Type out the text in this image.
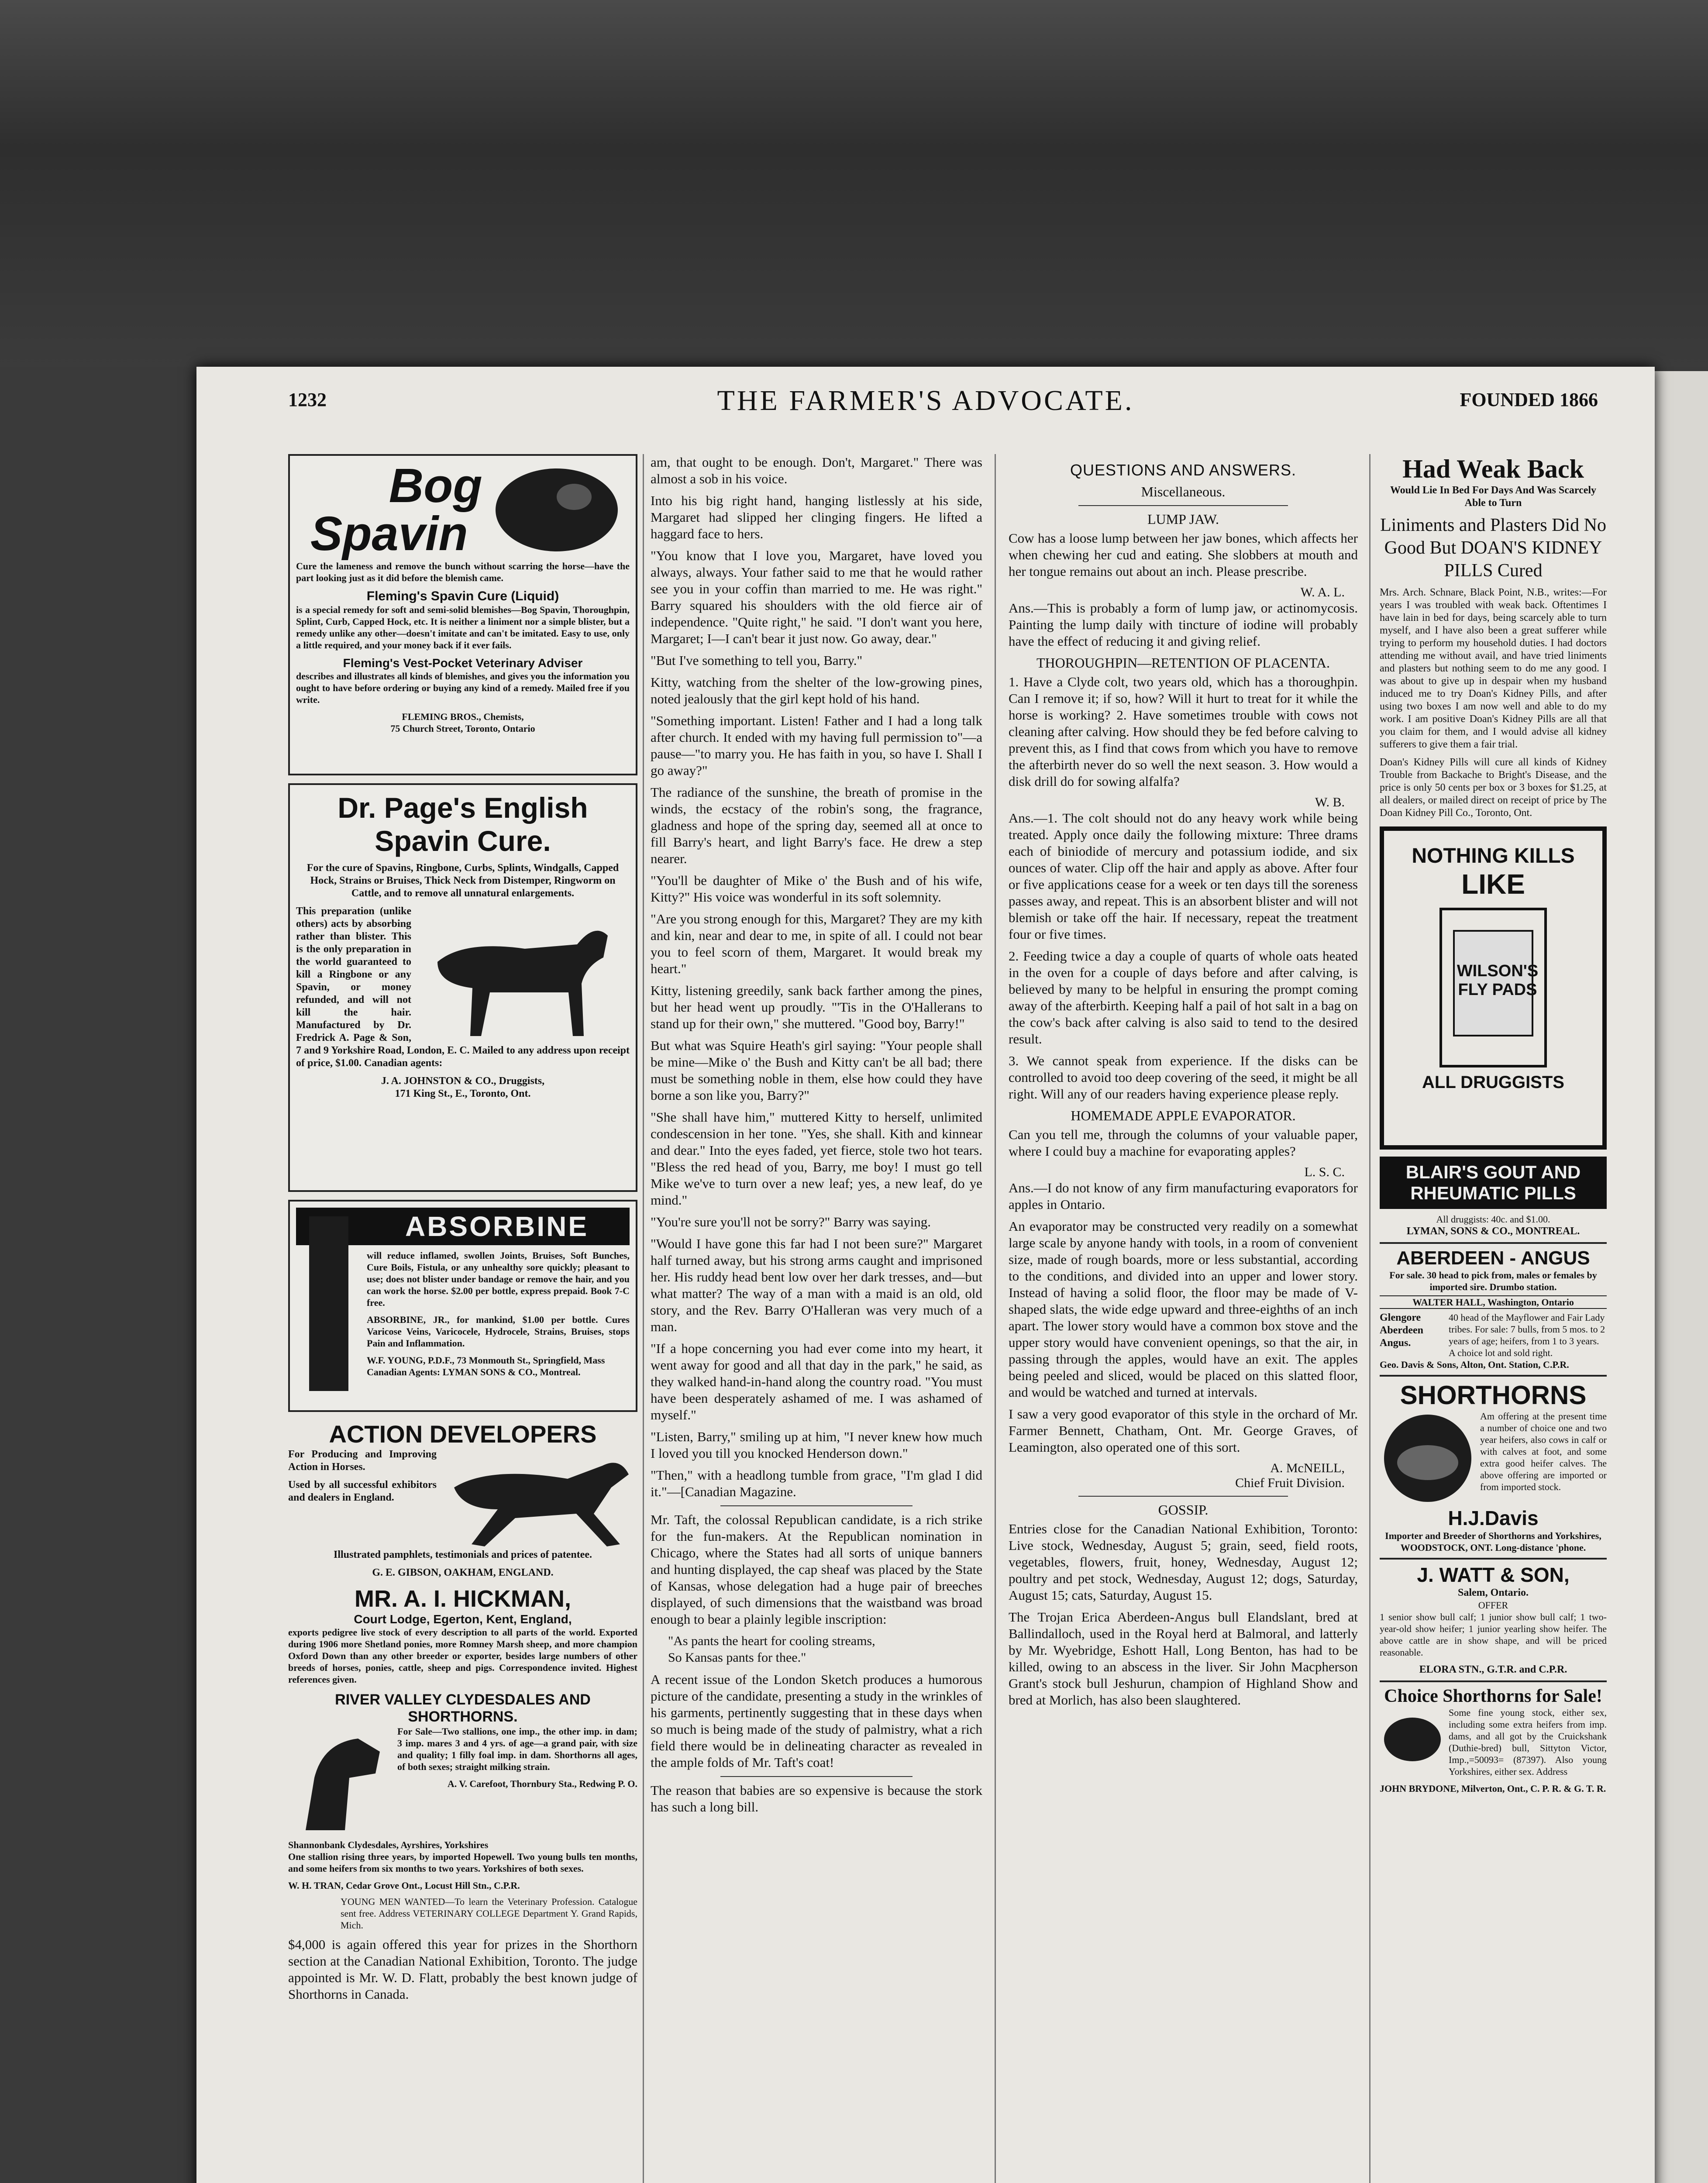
THE FARMER'S ADVOCATE.
1232	FOUNDED 1866
Bog
Spavin

Cure the lameness and remove the bunch without scarring the horse—have the part looking just as it did before the blemish came.

Fleming's Spavin Cure (Liquid)

is a special remedy for soft and semi-solid blemishes—Bog Spavin, Thoroughpin, Splint, Curb, Capped Hock, etc. It is neither a liniment nor a simple blister, but a remedy unlike any other—doesn't imitate and can't be imitated. Easy to use, only a little required, and your money back if it ever fails.

Fleming's Vest-Pocket Veterinary Adviser

describes and illustrates all kinds of blemishes, and gives you the information you ought to have before ordering or buying any kind of a remedy. Mailed free if you write.

FLEMING BROS., Chemists,
75 Church Street, Toronto, Ontario
Dr. Page's English
Spavin Cure.

For the cure of Spavins, Ringbone, Curbs, Splints, Windgalls, Capped Hock, Strains or Bruises, Thick Neck from Distemper, Ringworm on Cattle, and to remove all unnatural enlargements.

This preparation (unlike others) acts by absorbing rather than blister. This is the only preparation in the world guaranteed to kill a Ringbone or any Spavin, or money refunded, and will not kill the hair. Manufactured by Dr. Fredrick A. Page & Son, 7 and 9 Yorkshire Road, London, E. C. Mailed to any address upon receipt of price, $1.00. Canadian agents:

J. A. JOHNSTON & CO., Druggists,
171 King St., E., Toronto, Ont.
ABSORBINE

will reduce inflamed, swollen Joints, Bruises, Soft Bunches, Cure Boils, Fistula, or any unhealthy sore quickly; pleasant to use; does not blister under bandage or remove the hair, and you can work the horse. $2.00 per bottle, express prepaid. Book 7-C free.

ABSORBINE, JR., for mankind, $1.00 per bottle. Cures Varicose Veins, Varicocele, Hydrocele, Strains, Bruises, stops Pain and Inflammation.

W.F. YOUNG, P.D.F., 73 Monmouth St., Springfield, Mass
Canadian Agents: LYMAN SONS & CO., Montreal.
ACTION DEVELOPERS

For Producing and Improving Action in Horses.

Used by all successful exhibitors and dealers in England.

Illustrated pamphlets, testimonials and prices of patentee.

G. E. GIBSON, OAKHAM, ENGLAND.
MR. A. I. HICKMAN,
Court Lodge, Egerton, Kent, England,

exports pedigree live stock of every description to all parts of the world. Exported during 1906 more Shetland ponies, more Romney Marsh sheep, and more champion Oxford Down than any other breeder or exporter, besides large numbers of other breeds of horses, ponies, cattle, sheep and pigs. Correspondence invited. Highest references given.

RIVER VALLEY CLYDESDALES AND SHORTHORNS.

For Sale—Two stallions, one imp., the other imp. in dam; 3 imp. mares 3 and 4 yrs. of age—a grand pair, with size and quality; 1 filly foal imp. in dam. Shorthorns all ages, of both sexes; straight milking strain.

A. V. Carefoot, Thornbury Sta., Redwing P. O.
Shannonbank Clydesdales, Ayrshires, Yorkshires

One stallion rising three years, by imported Hopewell. Two young bulls ten months, and some heifers from six months to two years. Yorkshires of both sexes.

W. H. TRAN, Cedar Grove Ont., Locust Hill Stn., C.P.R.

YOUNG MEN WANTED—To learn the Veterinary Profession. Catalogue sent free. Address VETERINARY COLLEGE Department Y. Grand Rapids, Mich.

$4,000 is again offered this year for prizes in the Shorthorn section at the Canadian National Exhibition, Toronto. The judge appointed is Mr. W. D. Flatt, probably the best known judge of Shorthorns in Canada.

am, that ought to be enough. Don't, Margaret." There was almost a sob in his voice.

Into his big right hand, hanging listlessly at his side, Margaret had slipped her clinging fingers. He lifted a haggard face to hers.

"You know that I love you, Margaret, have loved you always, always. Your father said to me that he would rather see you in your coffin than married to me. He was right." Barry squared his shoulders with the old fierce air of independence. "Quite right," he said. "I don't want you here, Margaret; I—I can't bear it just now. Go away, dear."

"But I've something to tell you, Barry."

Kitty, watching from the shelter of the low-growing pines, noted jealously that the girl kept hold of his hand.

"Something important. Listen! Father and I had a long talk after church. It ended with my having full permission to"—a pause—"to marry you. He has faith in you, so have I. Shall I go away?"

The radiance of the sunshine, the breath of promise in the winds, the ecstacy of the robin's song, the fragrance, gladness and hope of the spring day, seemed all at once to fill Barry's heart, and light Barry's face. He drew a step nearer.

"You'll be daughter of Mike o' the Bush and of his wife, Kitty?" His voice was wonderful in its soft solemnity.

"Are you strong enough for this, Margaret? They are my kith and kin, near and dear to me, in spite of all. I could not bear you to feel scorn of them, Margaret. It would break my heart."

Kitty, listening greedily, sank back farther among the pines, but her head went up proudly. "'Tis in the O'Hallerans to stand up for their own," she muttered. "Good boy, Barry!"

But what was Squire Heath's girl saying: "Your people shall be mine—Mike o' the Bush and Kitty can't be all bad; there must be something noble in them, else how could they have borne a son like you, Barry?"

"She shall have him," muttered Kitty to herself, unlimited condescension in her tone. "Yes, she shall. Kith and kinnear and dear." Into the eyes faded, yet fierce, stole two hot tears. "Bless the red head of you, Barry, me boy! I must go tell Mike we've to turn over a new leaf; yes, a new leaf, do ye mind."

"You're sure you'll not be sorry?" Barry was saying.

"Would I have gone this far had I not been sure?" Margaret half turned away, but his strong arms caught and imprisoned her. His ruddy head bent low over her dark tresses, and—but what matter? The way of a man with a maid is an old, old story, and the Rev. Barry O'Halleran was very much of a man.

"If a hope concerning you had ever come into my heart, it went away for good and all that day in the park," he said, as they walked hand-in-hand along the country road. "You must have been desperately ashamed of me. I was ashamed of myself."

"Listen, Barry," smiling up at him, "I never knew how much I loved you till you knocked Henderson down."

"Then," with a headlong tumble from grace, "I'm glad I did it."—[Canadian Magazine.

Mr. Taft, the colossal Republican candidate, is a rich strike for the fun-makers. At the Republican nomination in Chicago, where the States had all sorts of unique banners and hunting displayed, the cap sheaf was placed by the State of Kansas, whose delegation had a huge pair of breeches displayed, of such dimensions that the waistband was broad enough to bear a plainly legible inscription:

"As pants the heart for cooling streams,
So Kansas pants for thee."

A recent issue of the London Sketch produces a humorous picture of the candidate, presenting a study in the wrinkles of his garments, pertinently suggesting that in these days when so much is being made of the study of palmistry, what a rich field there would be in delineating character as revealed in the ample folds of Mr. Taft's coat!

The reason that babies are so expensive is because the stork has such a long bill.

QUESTIONS AND ANSWERS.
Miscellaneous.
LUMP JAW.

Cow has a loose lump between her jaw bones, which affects her when chewing her cud and eating. She slobbers at mouth and her tongue remains out about an inch. Please prescribe.

W. A. L.

Ans.—This is probably a form of lump jaw, or actinomycosis. Painting the lump daily with tincture of iodine will probably have the effect of reducing it and giving relief.

THOROUGHPIN—RETENTION OF PLACENTA.

1. Have a Clyde colt, two years old, which has a thoroughpin. Can I remove it; if so, how? Will it hurt to treat for it while the horse is working? 2. Have sometimes trouble with cows not cleaning after calving. How should they be fed before calving to prevent this, as I find that cows from which you have to remove the afterbirth never do so well the next season. 3. How would a disk drill do for sowing alfalfa?

W. B.

Ans.—1. The colt should not do any heavy work while being treated. Apply once daily the following mixture: Three drams each of biniodide of mercury and potassium iodide, and six ounces of water. Clip off the hair and apply as above. After four or five applications cease for a week or ten days till the soreness passes away, and repeat. This is an absorbent blister and will not blemish or take off the hair. If necessary, repeat the treatment four or five times.

2. Feeding twice a day a couple of quarts of whole oats heated in the oven for a couple of days before and after calving, is believed by many to be helpful in ensuring the prompt coming away of the afterbirth. Keeping half a pail of hot salt in a bag on the cow's back after calving is also said to tend to the desired result.

3. We cannot speak from experience. If the disks can be controlled to avoid too deep covering of the seed, it might be all right. Will any of our readers having experience please reply.

HOMEMADE APPLE EVAPORATOR.

Can you tell me, through the columns of your valuable paper, where I could buy a machine for evaporating apples?

L. S. C.

Ans.—I do not know of any firm manufacturing evaporators for apples in Ontario.

An evaporator may be constructed very readily on a somewhat large scale by anyone handy with tools, in a room of convenient size, made of rough boards, more or less substantial, according to the conditions, and divided into an upper and lower story. Instead of having a solid floor, the floor may be made of V-shaped slats, the wide edge upward and three-eighths of an inch apart. The lower story would have a common box stove and the upper story would have convenient openings, so that the air, in passing through the apples, would have an exit. The apples being peeled and sliced, would be placed on this slatted floor, and would be watched and turned at intervals.

I saw a very good evaporator of this style in the orchard of Mr. Farmer Bennett, Chatham, Ont. Mr. George Graves, of Leamington, also operated one of this sort.

A. McNEILL,
Chief Fruit Division.
GOSSIP.

Entries close for the Canadian National Exhibition, Toronto: Live stock, Wednesday, August 5; grain, seed, field roots, vegetables, flowers, fruit, honey, Wednesday, August 12; poultry and pet stock, Wednesday, August 12; dogs, Saturday, August 15; cats, Saturday, August 15.

The Trojan Erica Aberdeen-Angus bull Elandslant, bred at Ballindalloch, used in the Royal herd at Balmoral, and latterly by Mr. Wyebridge, Eshott Hall, Long Benton, has had to be killed, owing to an abscess in the liver. Sir John Macpherson Grant's stock bull Jeshurun, champion of Highland Show and bred at Morlich, has also been slaughtered.

Had Weak Back
Would Lie In Bed For Days And Was Scarcely Able to Turn
Liniments and Plasters Did No Good But DOAN'S KIDNEY PILLS Cured

Mrs. Arch. Schnare, Black Point, N.B., writes:—For years I was troubled with weak back. Oftentimes I have lain in bed for days, being scarcely able to turn myself, and I have also been a great sufferer while trying to perform my household duties. I had doctors attending me without avail, and have tried liniments and plasters but nothing seem to do me any good. I was about to give up in despair when my husband induced me to try Doan's Kidney Pills, and after using two boxes I am now well and able to do my work. I am positive Doan's Kidney Pills are all that you claim for them, and I would advise all kidney sufferers to give them a fair trial.

Doan's Kidney Pills will cure all kinds of Kidney Trouble from Backache to Bright's Disease, and the price is only 50 cents per box or 3 boxes for $1.25, at all dealers, or mailed direct on receipt of price by The Doan Kidney Pill Co., Toronto, Ont.

NOTHING KILLS
LIKE
WILSON'S
FLY PADS
ALL DRUGGISTS
BLAIR'S GOUT AND
RHEUMATIC PILLS
All druggists: 40c. and $1.00.
LYMAN, SONS & CO., MONTREAL.
ABERDEEN - ANGUS
For sale. 30 head to pick from, males or females by imported sire. Drumbo station.
WALTER HALL, Washington, Ontario
Glengore Aberdeen Angus.
40 head of the Mayflower and Fair Lady tribes. For sale: 7 bulls, from 5 mos. to 2 years of age; heifers, from 1 to 3 years. A choice lot and sold right.
Geo. Davis & Sons, Alton, Ont. Station, C.P.R.
SHORTHORNS

Am offering at the present time a number of choice one and two year heifers, also cows in calf or with calves at foot, and some extra good heifer calves. The above offering are imported or from imported stock.

H.J.Davis
Importer and Breeder of Shorthorns and Yorkshires,
WOODSTOCK, ONT. Long-distance 'phone.
J. WATT & SON,
Salem, Ontario.
OFFER

1 senior show bull calf; 1 junior show bull calf; 1 two-year-old show heifer; 1 junior yearling show heifer. The above cattle are in show shape, and will be priced reasonable.

ELORA STN., G.T.R. and C.P.R.
Choice Shorthorns for Sale!

Some fine young stock, either sex, including some extra heifers from imp. dams, and all got by the Cruickshank (Duthie-bred) bull, Sittyton Victor, Imp.,=50093= (87397). Also young Yorkshires, either sex. Address

JOHN BRYDONE, Milverton, Ont., C. P. R. & G. T. R.
